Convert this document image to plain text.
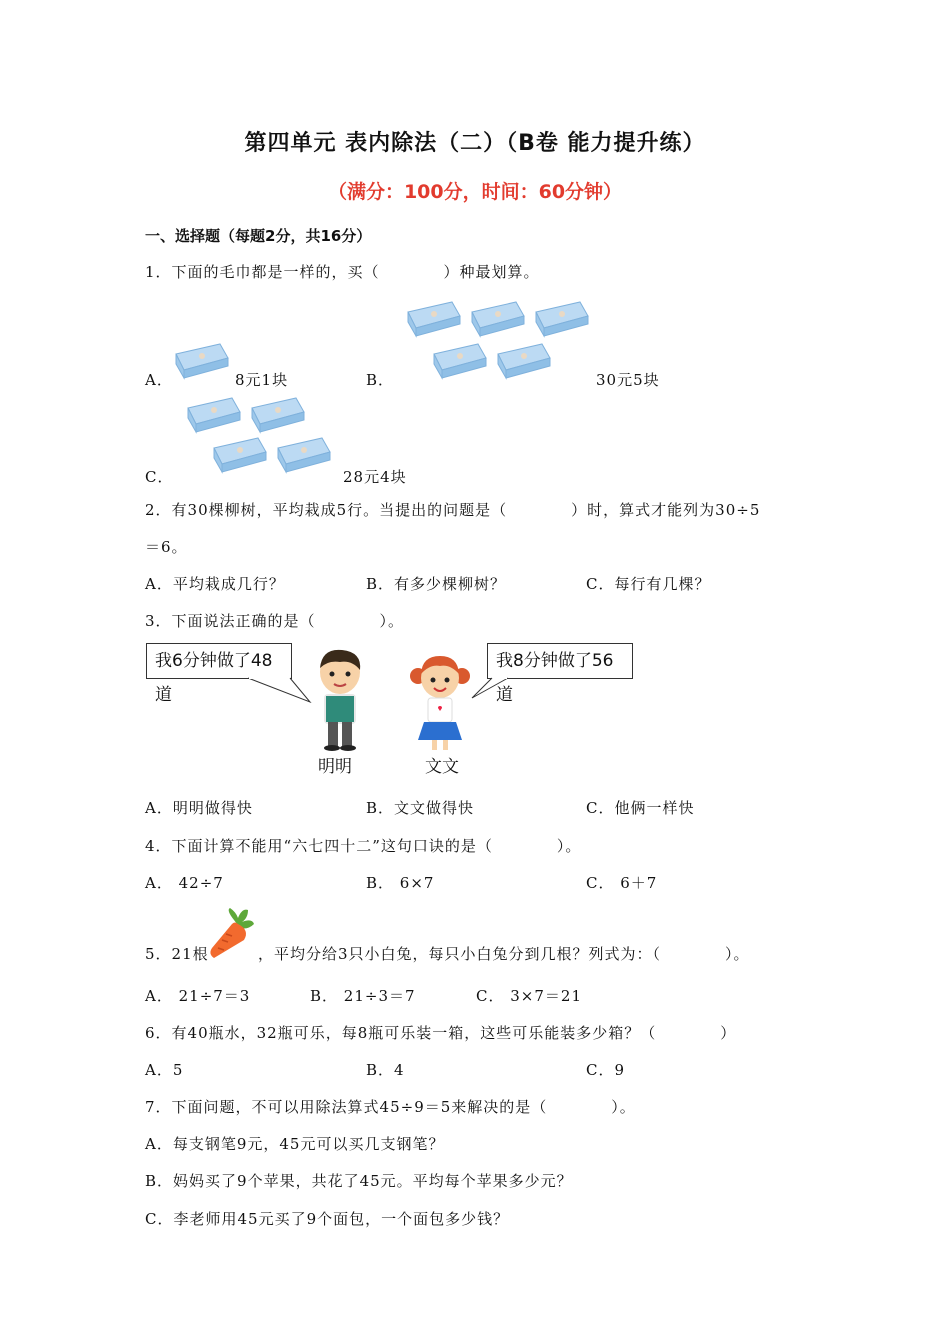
第四单元 表内除法（二）（B卷 能力提升练）
（满分：100分，时间：60分钟）
一、选择题（每题2分，共16分）
1．下面的毛巾都是一样的，买（　　　　）种最划算。
A．	8元1块	B．	30元5块
C．	28元4块
2．有30棵柳树，平均栽成5行。当提出的问题是（　　　　）时，算式才能列为30÷5
＝6。
A．平均栽成几行？	B．有多少棵柳树？	C．每行有几棵？
3．下面说法正确的是（　　　　）。
我6分钟做了48道
我8分钟做了56道
明明	文文
A．明明做得快	B．文文做得快	C．他俩一样快
4．下面计算不能用“六七四十二”这句口诀的是（　　　　）。
A． 42÷7	B． 6×7	C． 6＋7
5．21根	，平均分给3只小白兔，每只小白兔分到几根？列式为：（　　　　）。
A． 21÷7＝3	B． 21÷3＝7	C． 3×7＝21
6．有40瓶水，32瓶可乐，每8瓶可乐装一箱，这些可乐能装多少箱？（　　　　）
A．5	B．4	C．9
7．下面问题，不可以用除法算式45÷9＝5来解决的是（　　　　）。
A．每支钢笔9元，45元可以买几支钢笔？
B．妈妈买了9个苹果，共花了45元。平均每个苹果多少元？
C．李老师用45元买了9个面包，一个面包多少钱？
